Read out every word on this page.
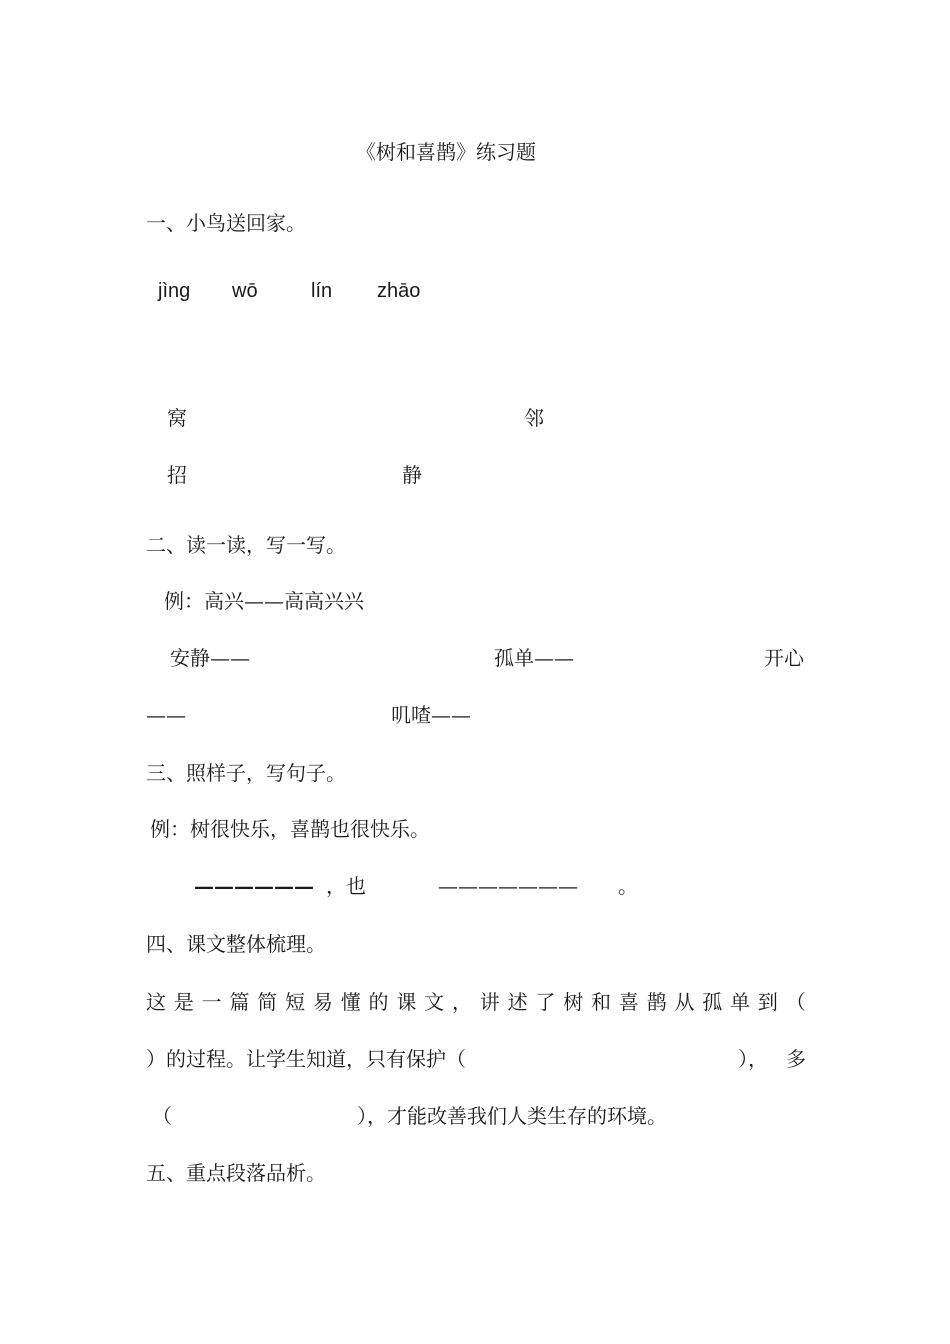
《树和喜鹊》练习题
一、小鸟送回家。
jìng wō	lín zhāo
窝	邻
招	静
二、读一读，写一写。
例：高兴——高高兴兴
安静——	孤单——	开心
——	叽喳——
三、照样子，写句子。
例：树很快乐，喜鹊也很快乐。
—————— ，也	——————— 。
四、课文整体梳理。
这 是 一 篇 简 短 易 懂 的 课 文 ， 讲 述 了 树 和 喜 鹊 从 孤 单 到 （
）的过程。让学生知道，只有保护（	）， 多
（	），才能改善我们人类生存的环境。
五、重点段落品析。
